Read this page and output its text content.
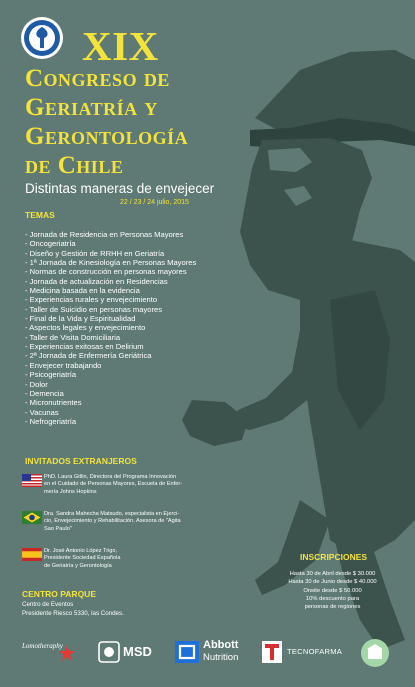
XIX
Congreso de
Geriatría y
Gerontología
de Chile
Distintas maneras de envejecer
22 / 23 / 24 julio, 2015
TEMAS
- Jornada de Residencia en Personas Mayores
- Oncogeriatría
- Diseño y Gestión de RRHH en Geriatría
- 1ª Jornada de Kinesiología en Personas Mayores
- Normas de construcción en personas mayores
- Jornada de actualización en Residencias
- Medicina basada en la evidencia
- Experiencias rurales y envejecimiento
- Taller de Suicidio en personas mayores
- Final de la Vida y Espiritualidad
- Aspectos legales y envejecimiento
- Taller de Visita Domiciliaria
- Experiencias exitosas en Delirium
- 2ª Jornada de Enfermería Geriátrica
- Envejecer trabajando
- Psicogeriatría
- Dolor
- Demencia
- Micronutrientes
- Vacunas
- Nefrogeriatría
INVITADOS EXTRANJEROS
PhD. Laura Gitlin, Directora del Programa Innovación
en el Cuidado de Personas Mayores, Escuela de Enfer-
mería Johns Hopkins
Dra. Sandra Mahecha Matsudo, especialista en Ejerci-
cio, Envejecimiento y Rehabilitación. Asesora de "Agita
Sao Paulo"
Dr. José Antonio López Trigo,
Presidente Sociedad Española
de Geriatría y Gerontología
CENTRO PARQUE
Centro de Eventos
Presidente Riesco 5330, las Condes.
INSCRIPCIONES
Hasta 30 de Abril desde $ 30.000
Hasta 30 de Junio desde $ 40.000
Onsite desde $ 50.000
10% descuento para
personas de regiones
Lomotheraphy	MSD	Abbott
Nutrition
TECNOFARMA
